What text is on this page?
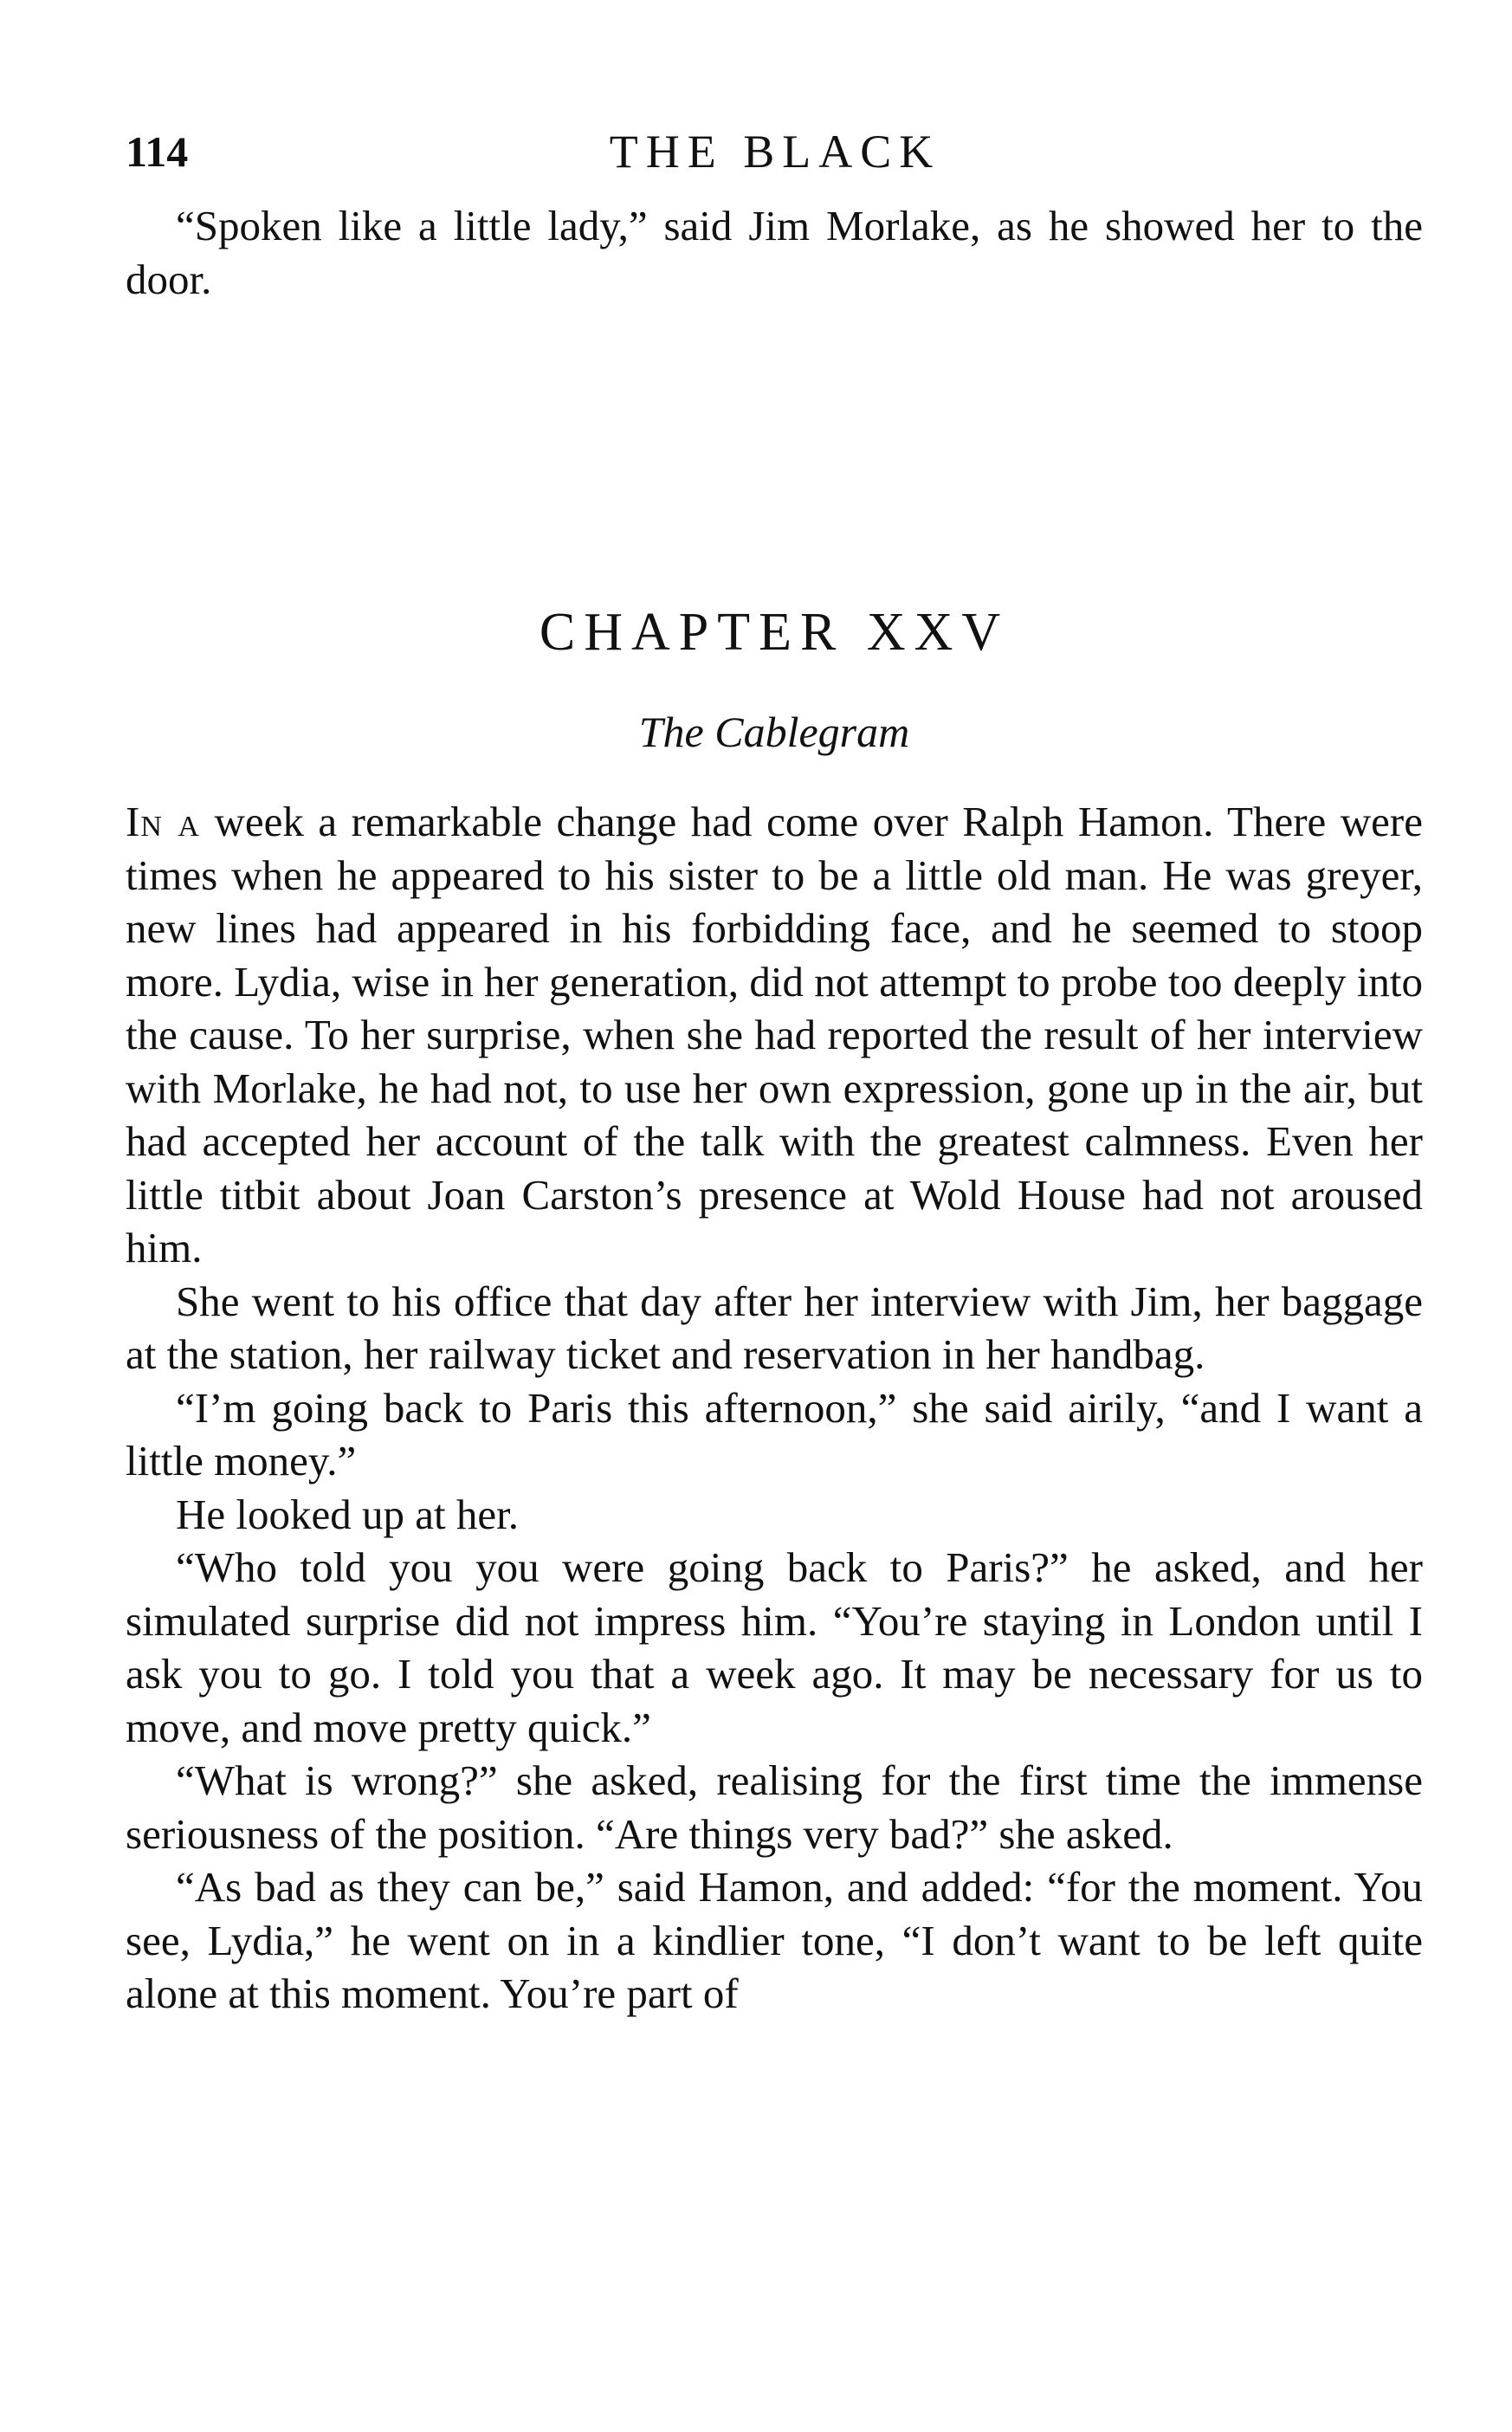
114	THE BLACK

“Spoken like a little lady,” said Jim Morlake, as he showed her to the door.

CHAPTER XXV
The Cablegram

In a week a remarkable change had come over Ralph Hamon. There were times when he appeared to his sister to be a little old man. He was greyer, new lines had appeared in his forbidding face, and he seemed to stoop more. Lydia, wise in her generation, did not attempt to probe too deeply into the cause. To her surprise, when she had reported the result of her interview with Morlake, he had not, to use her own expression, gone up in the air, but had accepted her account of the talk with the greatest calmness. Even her little titbit about Joan Carston’s presence at Wold House had not aroused him.

She went to his office that day after her interview with Jim, her baggage at the station, her railway ticket and reservation in her handbag.

“I’m going back to Paris this afternoon,” she said airily, “and I want a little money.”

He looked up at her.

“Who told you you were going back to Paris?” he asked, and her simulated surprise did not impress him. “You’re staying in London until I ask you to go. I told you that a week ago. It may be necessary for us to move, and move pretty quick.”

“What is wrong?” she asked, realising for the first time the immense seriousness of the position. “Are things very bad?” she asked.

“As bad as they can be,” said Hamon, and added: “for the moment. You see, Lydia,” he went on in a kindlier tone, “I don’t want to be left quite alone at this moment. You’re part of
